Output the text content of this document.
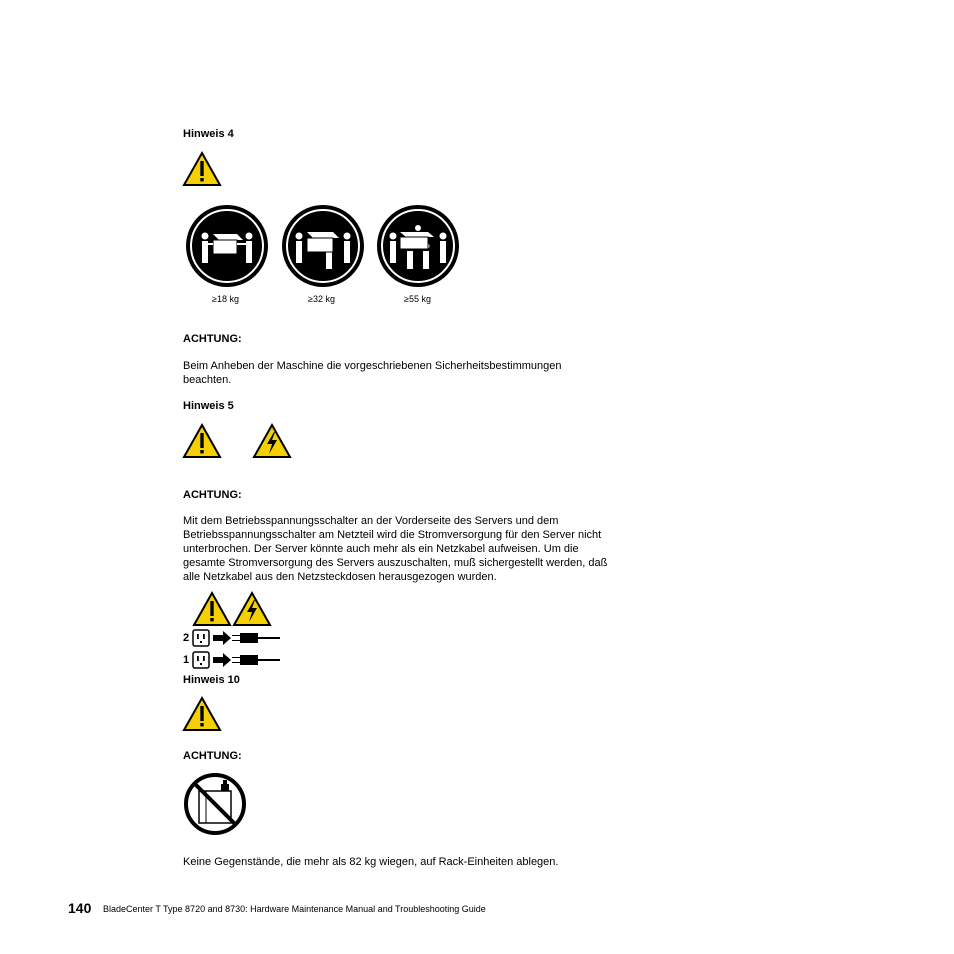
Hinweis 4
≥18 kg	≥32 kg	≥55 kg
ACHTUNG:
Beim Anheben der Maschine die vorgeschriebenen Sicherheitsbestimmungen beachten.
Hinweis 5
ACHTUNG:
Mit dem Betriebsspannungsschalter an der Vorderseite des Servers und dem Betriebsspannungsschalter am Netzteil wird die Stromversorgung für den Server nicht unterbrochen. Der Server könnte auch mehr als ein Netzkabel aufweisen. Um die gesamte Stromversorgung des Servers auszuschalten, muß sichergestellt werden, daß alle Netzkabel aus den Netzsteckdosen herausgezogen wurden.
2
1
Hinweis 10
ACHTUNG:
Keine Gegenstände, die mehr als 82 kg wiegen, auf Rack-Einheiten ablegen.
140 BladeCenter T Type 8720 and 8730: Hardware Maintenance Manual and Troubleshooting Guide
